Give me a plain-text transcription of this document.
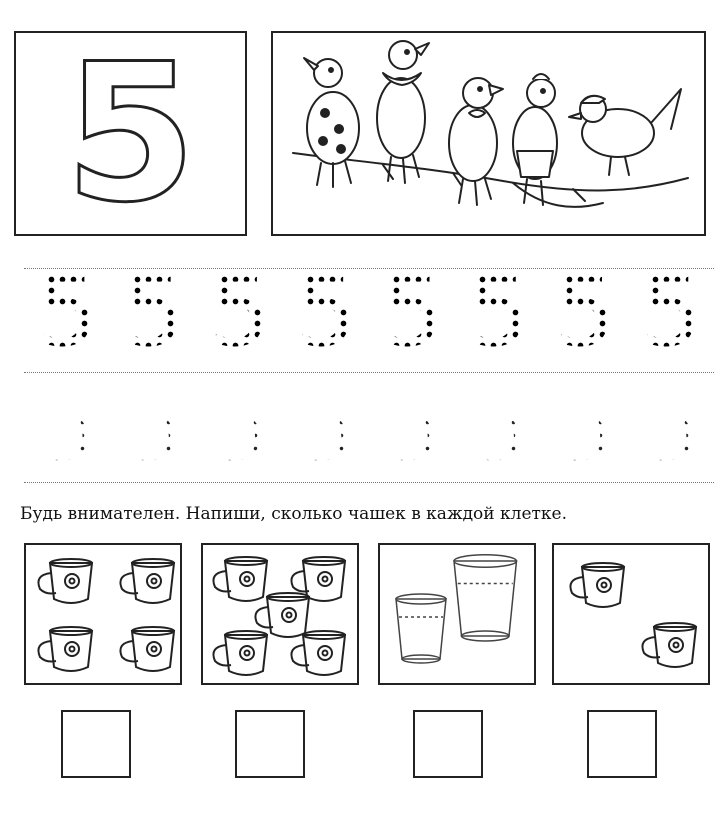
5
5 5 5 5 5 5 5 5
5 5 5 5 5 5 5 5
Будь внимателен. Напиши, сколько чашек в каждой клетке.
